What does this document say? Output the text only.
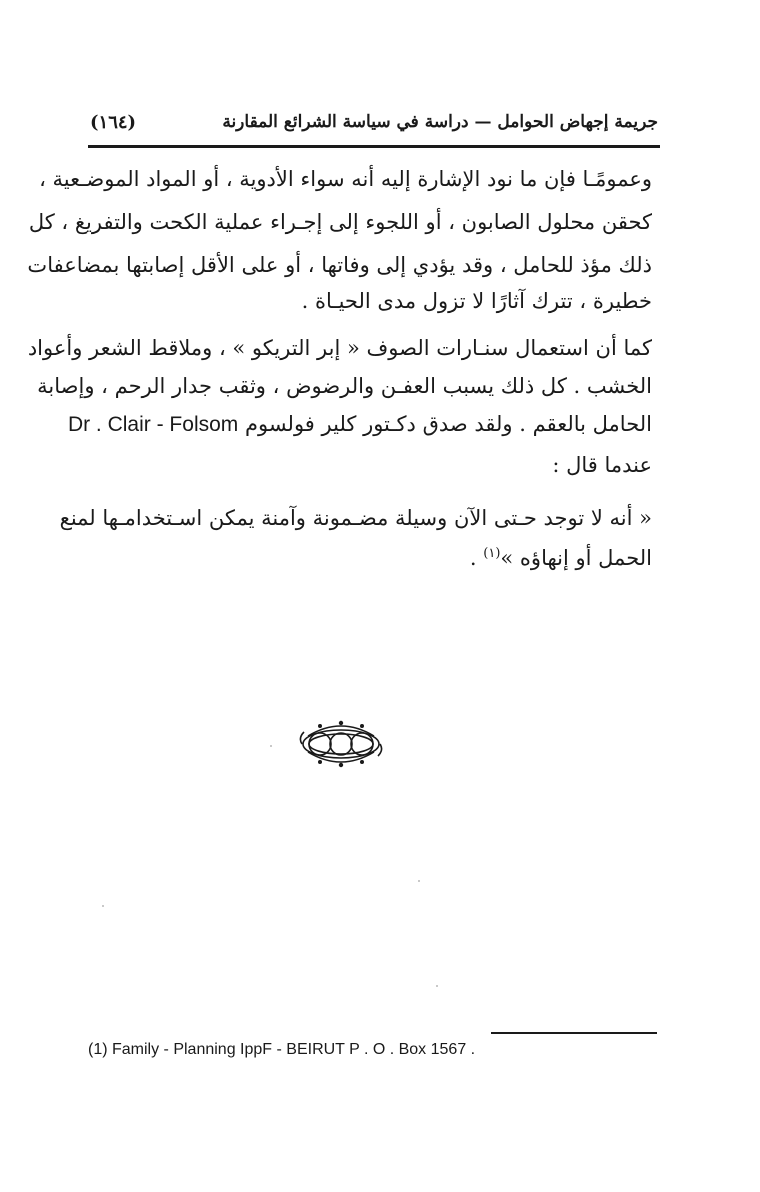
جريمة إجهاض الحوامل — دراسة في سياسة الشرائع المقارنة
(١٦٤)
وعمومًـا فإن ما نود الإشارة إليه أنه سواء الأدوية ، أو المواد الموضـعية ،
كحقن محلول الصابون ، أو اللجوء إلى إجـراء عملية الكحت والتفريغ ، كل
ذلك مؤذ للحامل ، وقد يؤدي إلى وفاتها ، أو على الأقل إصابتها بمضاعفات
خطيرة ، تترك آثارًا لا تزول مدى الحيـاة .
كما أن استعمال سنـارات الصوف « إبر التريكو » ، وملاقط الشعر وأعواد
الخشب . كل ذلك يسبب العفـن والرضوض ، وثقب جدار الرحم ، وإصابة
الحامل بالعقم . ولقد صدق دكـتور كلير فولسوم Dr . Clair - Folsom
عندما قال :
« أنه لا توجد حـتى الآن وسيلة مضـمونة وآمنة يمكن اسـتخدامـها لمنع
الحمل أو إنهاؤه »$^{(١)}$ .
(1) Family - Planning IppF - BEIRUT P . O . Box 1567 .
